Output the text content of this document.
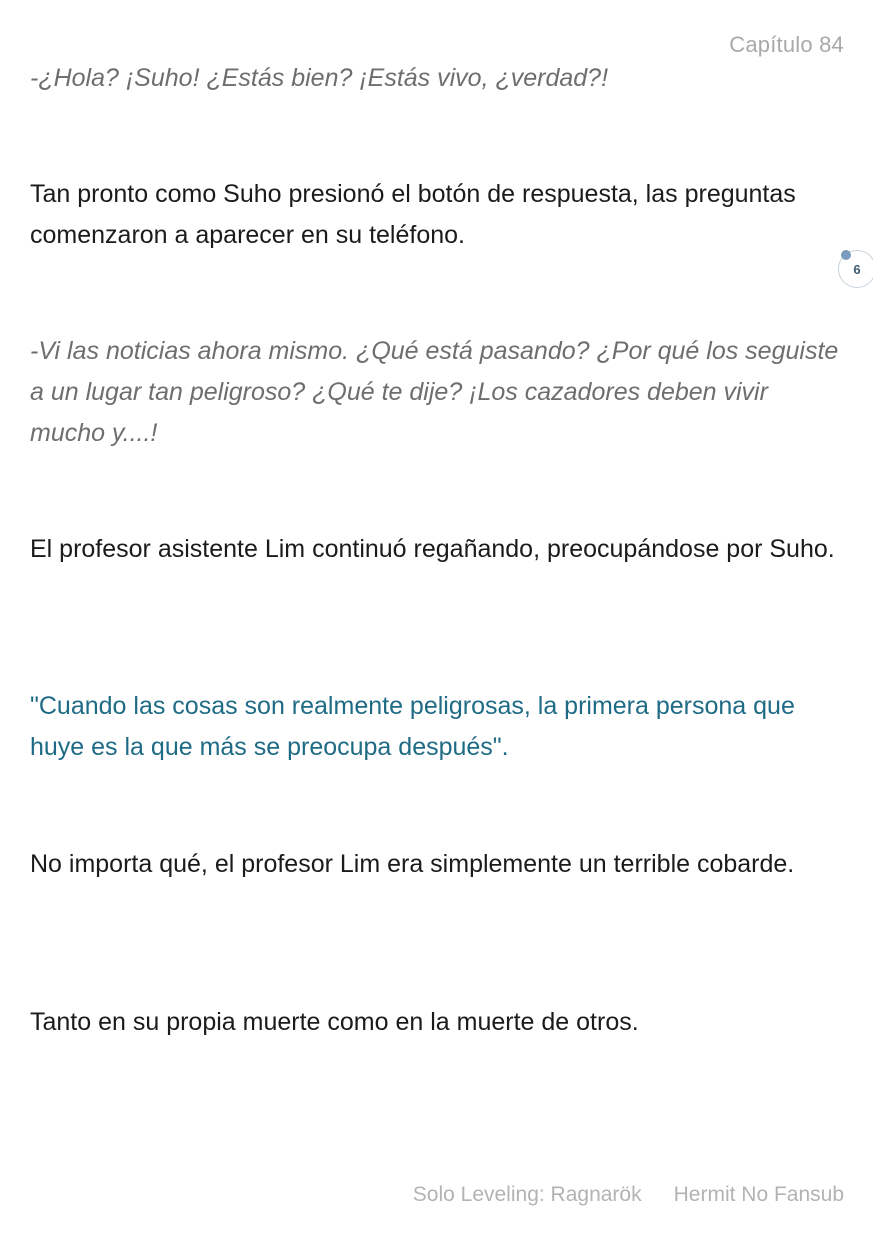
Capítulo 84

-¿Hola? ¡Suho! ¿Estás bien? ¡Estás vivo, ¿verdad?!

Tan pronto como Suho presionó el botón de respuesta, las preguntas comenzaron a aparecer en su teléfono.

-Vi las noticias ahora mismo. ¿Qué está pasando? ¿Por qué los seguiste a un lugar tan peligroso? ¿Qué te dije? ¡Los cazadores deben vivir mucho y....!

El profesor asistente Lim continuó regañando, preocupándose por Suho.

"Cuando las cosas son realmente peligrosas, la primera persona que huye es la que más se preocupa después".

No importa qué, el profesor Lim era simplemente un terrible cobarde.

Tanto en su propia muerte como en la muerte de otros.

6
Solo Leveling: Ragnarök Hermit No Fansub
